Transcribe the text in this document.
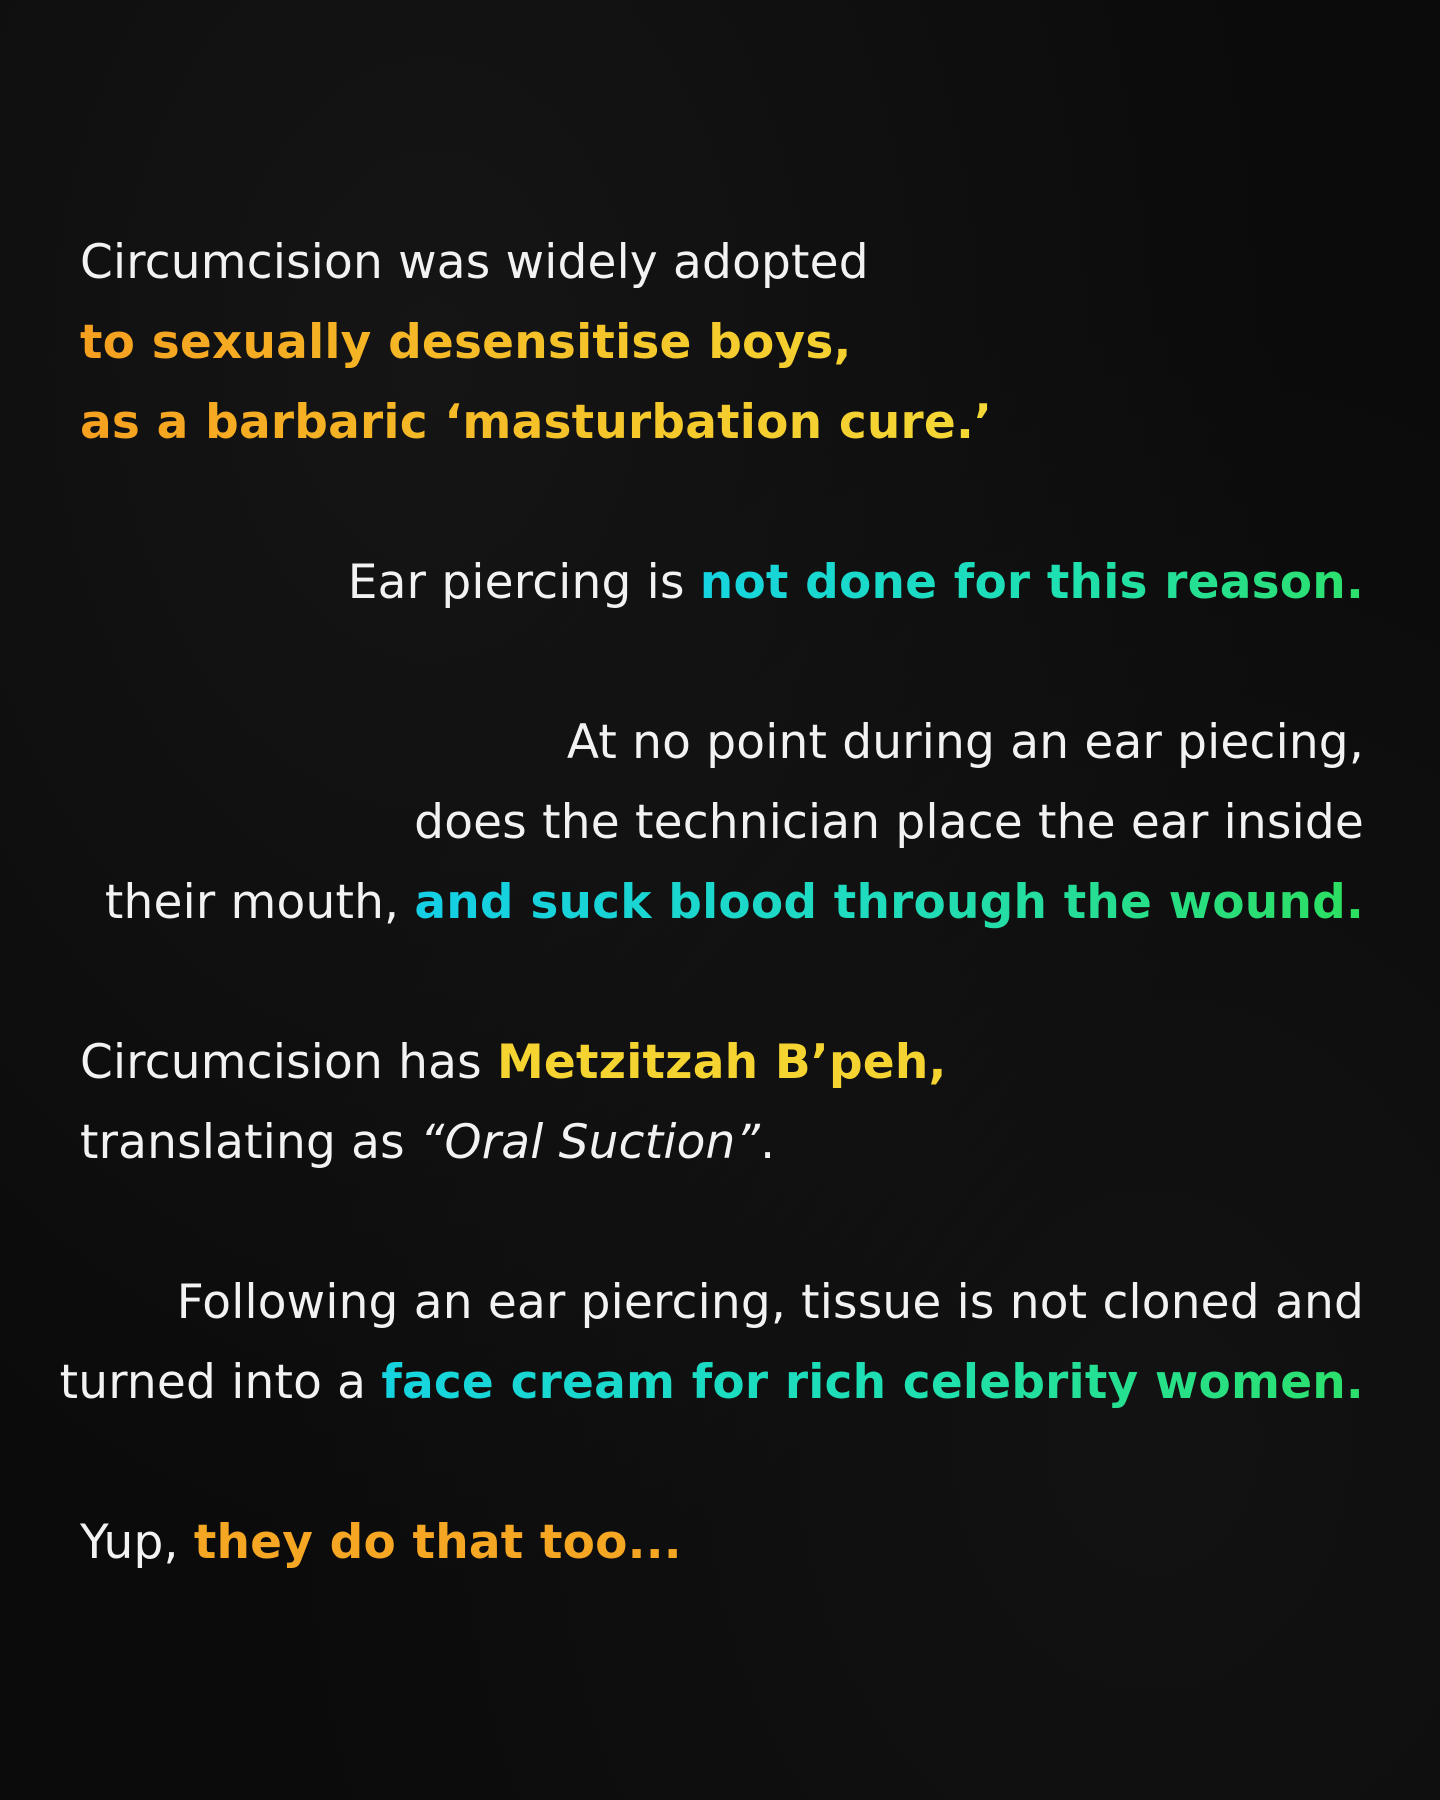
Circumcision was widely adopted
to sexually desensitise boys,
as a barbaric ‘masturbation cure.’
Ear piercing is not done for this reason.
At no point during an ear piecing,
does the technician place the ear inside
their mouth, and suck blood through the wound.
Circumcision has Metzitzah B’peh,
translating as “Oral Suction”.
Following an ear piercing, tissue is not cloned and
turned into a face cream for rich celebrity women.
Yup, they do that too...
